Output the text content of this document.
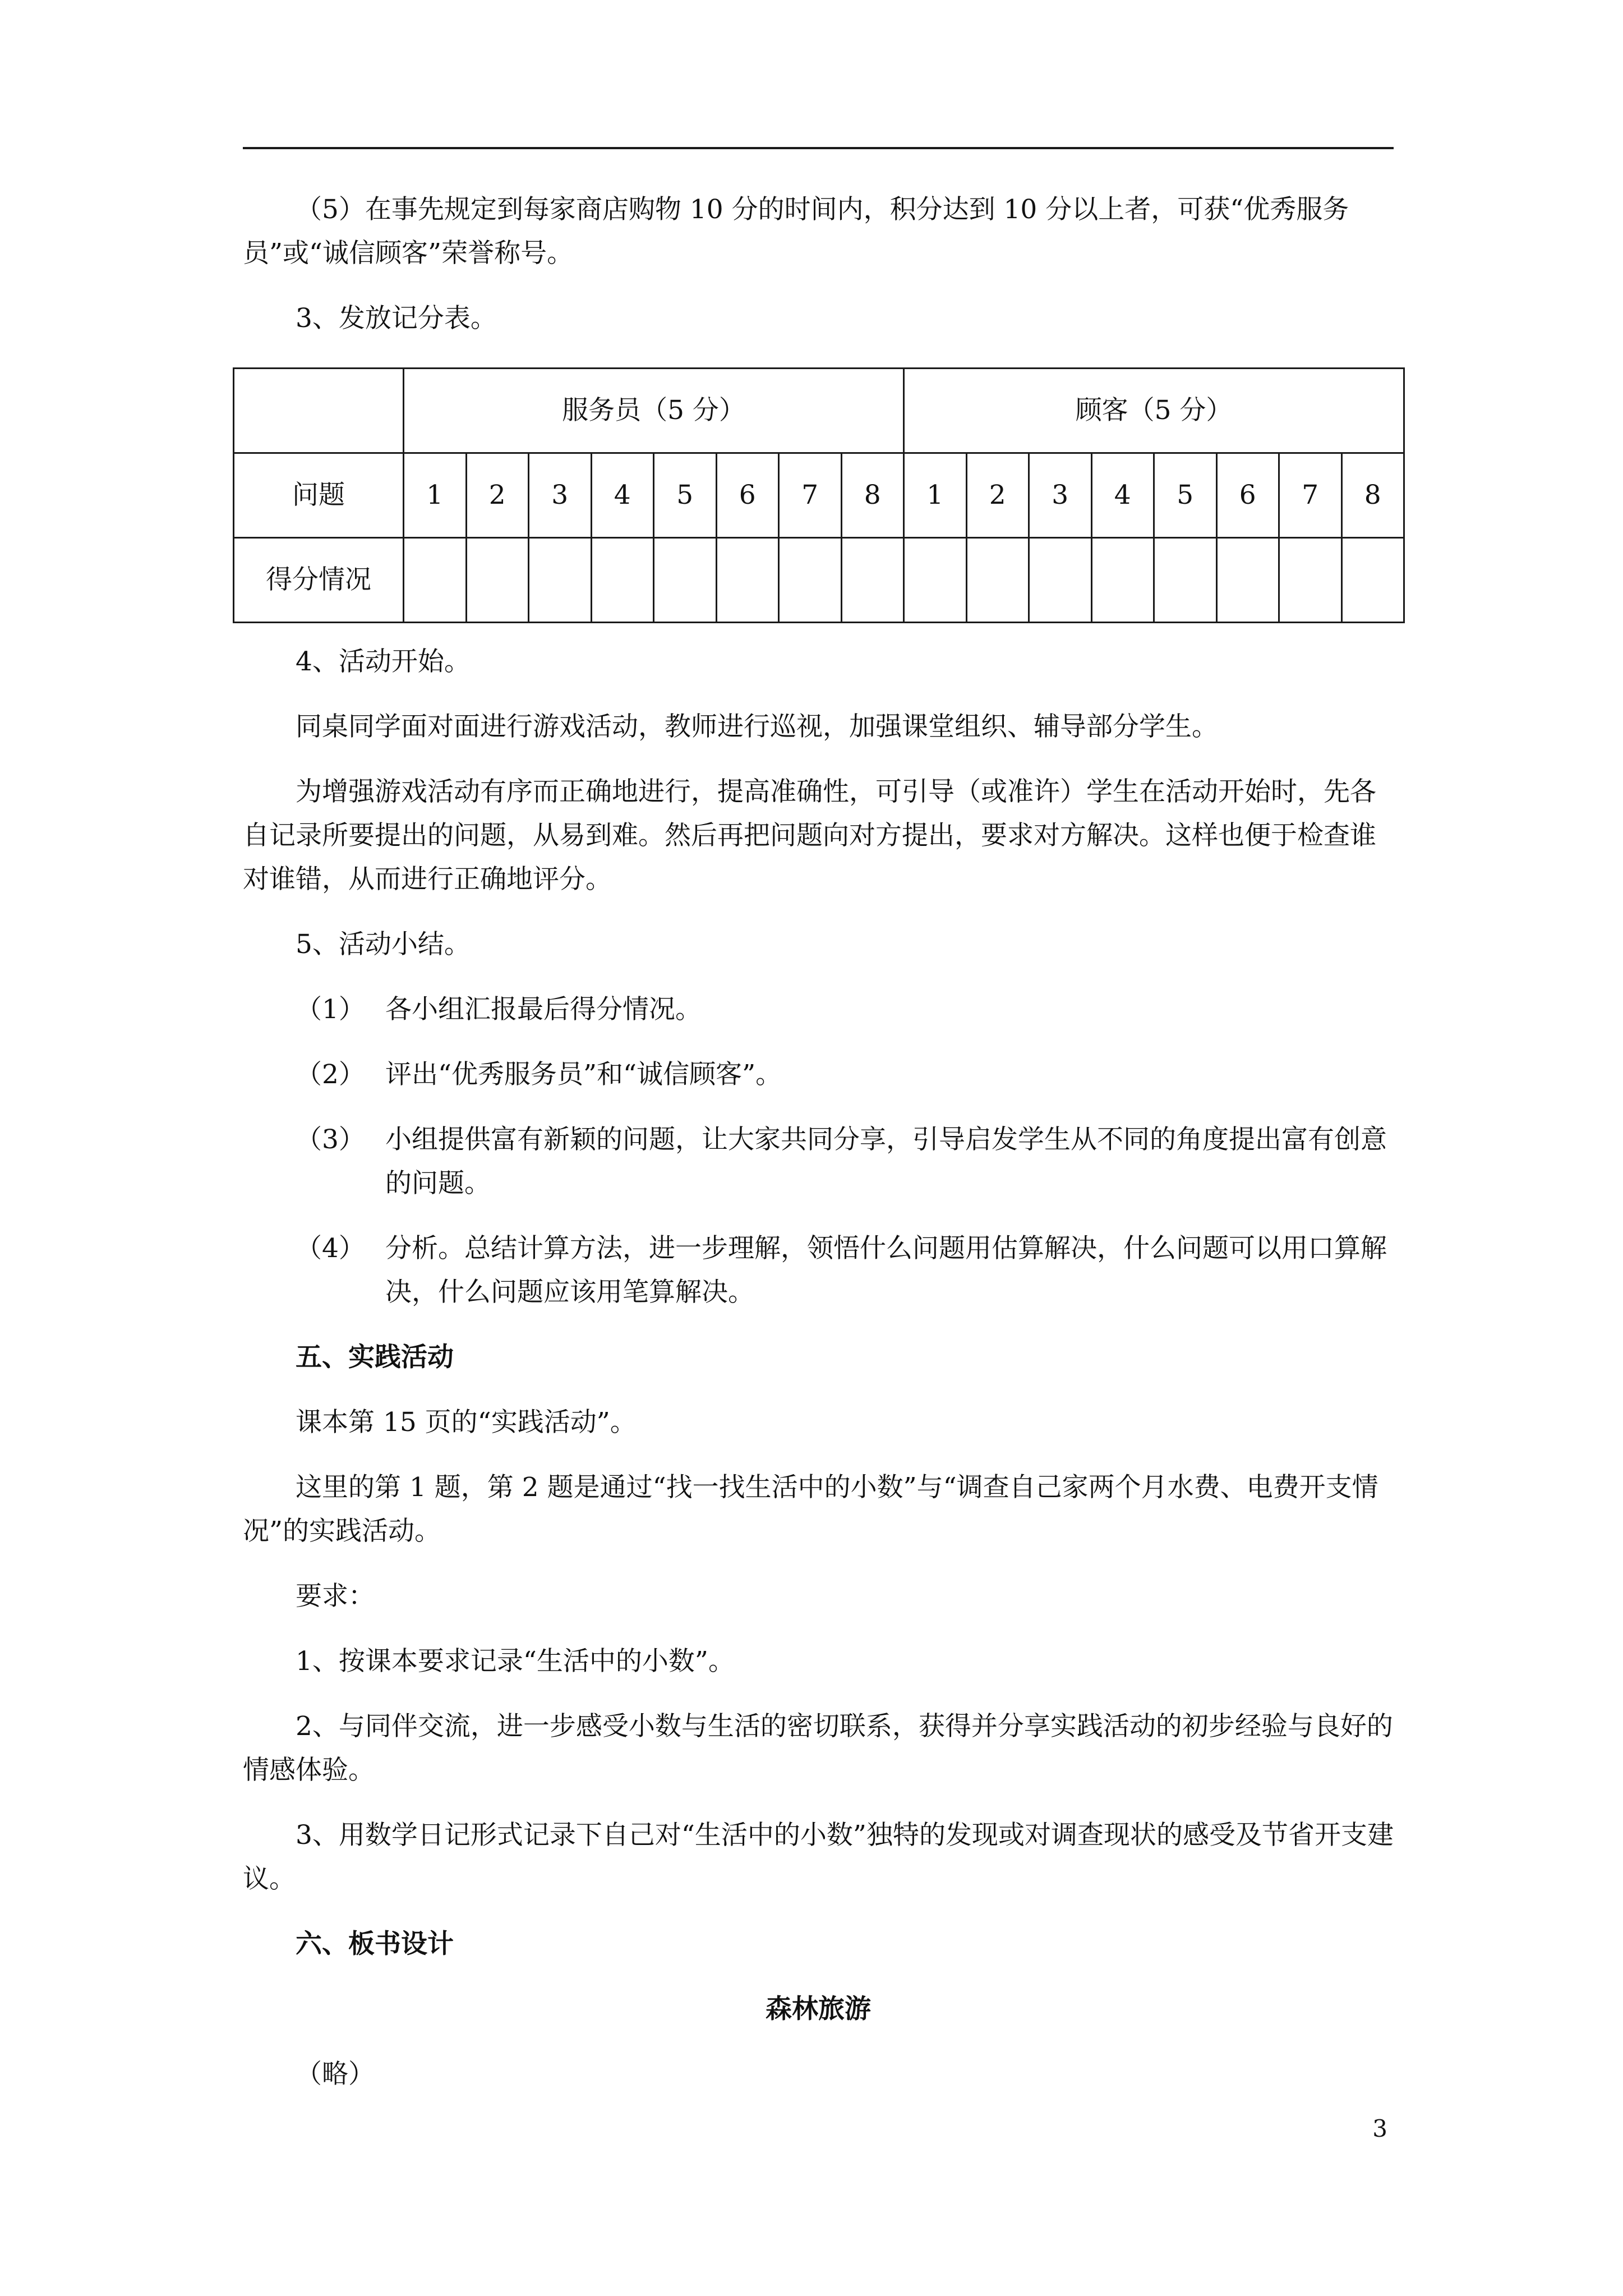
（5）在事先规定到每家商店购物 10 分的时间内，积分达到 10 分以上者，可获“优秀服务员”或“诚信顾客”荣誉称号。

3、发放记分表。

	服务员（5 分）								顾客（5 分）							
问题	1	2	3	4	5	6	7	8	1	2	3	4	5	6	7	8
得分情况																

4、活动开始。

同桌同学面对面进行游戏活动，教师进行巡视，加强课堂组织、辅导部分学生。

为增强游戏活动有序而正确地进行，提高准确性，可引导（或准许）学生在活动开始时，先各自记录所要提出的问题，从易到难。然后再把问题向对方提出，要求对方解决。这样也便于检查谁对谁错，从而进行正确地评分。

5、活动小结。

（1） 各小组汇报最后得分情况。
（2） 评出“优秀服务员”和“诚信顾客”。
（3） 小组提供富有新颖的问题，让大家共同分享，引导启发学生从不同的角度提出富有创意的问题。
（4） 分析。总结计算方法，进一步理解，领悟什么问题用估算解决，什么问题可以用口算解决，什么问题应该用笔算解决。

五、实践活动

课本第 15 页的“实践活动”。

这里的第 1 题，第 2 题是通过“找一找生活中的小数”与“调查自己家两个月水费、电费开支情况”的实践活动。

要求：

1、按课本要求记录“生活中的小数”。

2、与同伴交流，进一步感受小数与生活的密切联系，获得并分享实践活动的初步经验与良好的情感体验。

3、用数学日记形式记录下自己对“生活中的小数”独特的发现或对调查现状的感受及节省开支建议。

六、板书设计

森林旅游

（略）

3
